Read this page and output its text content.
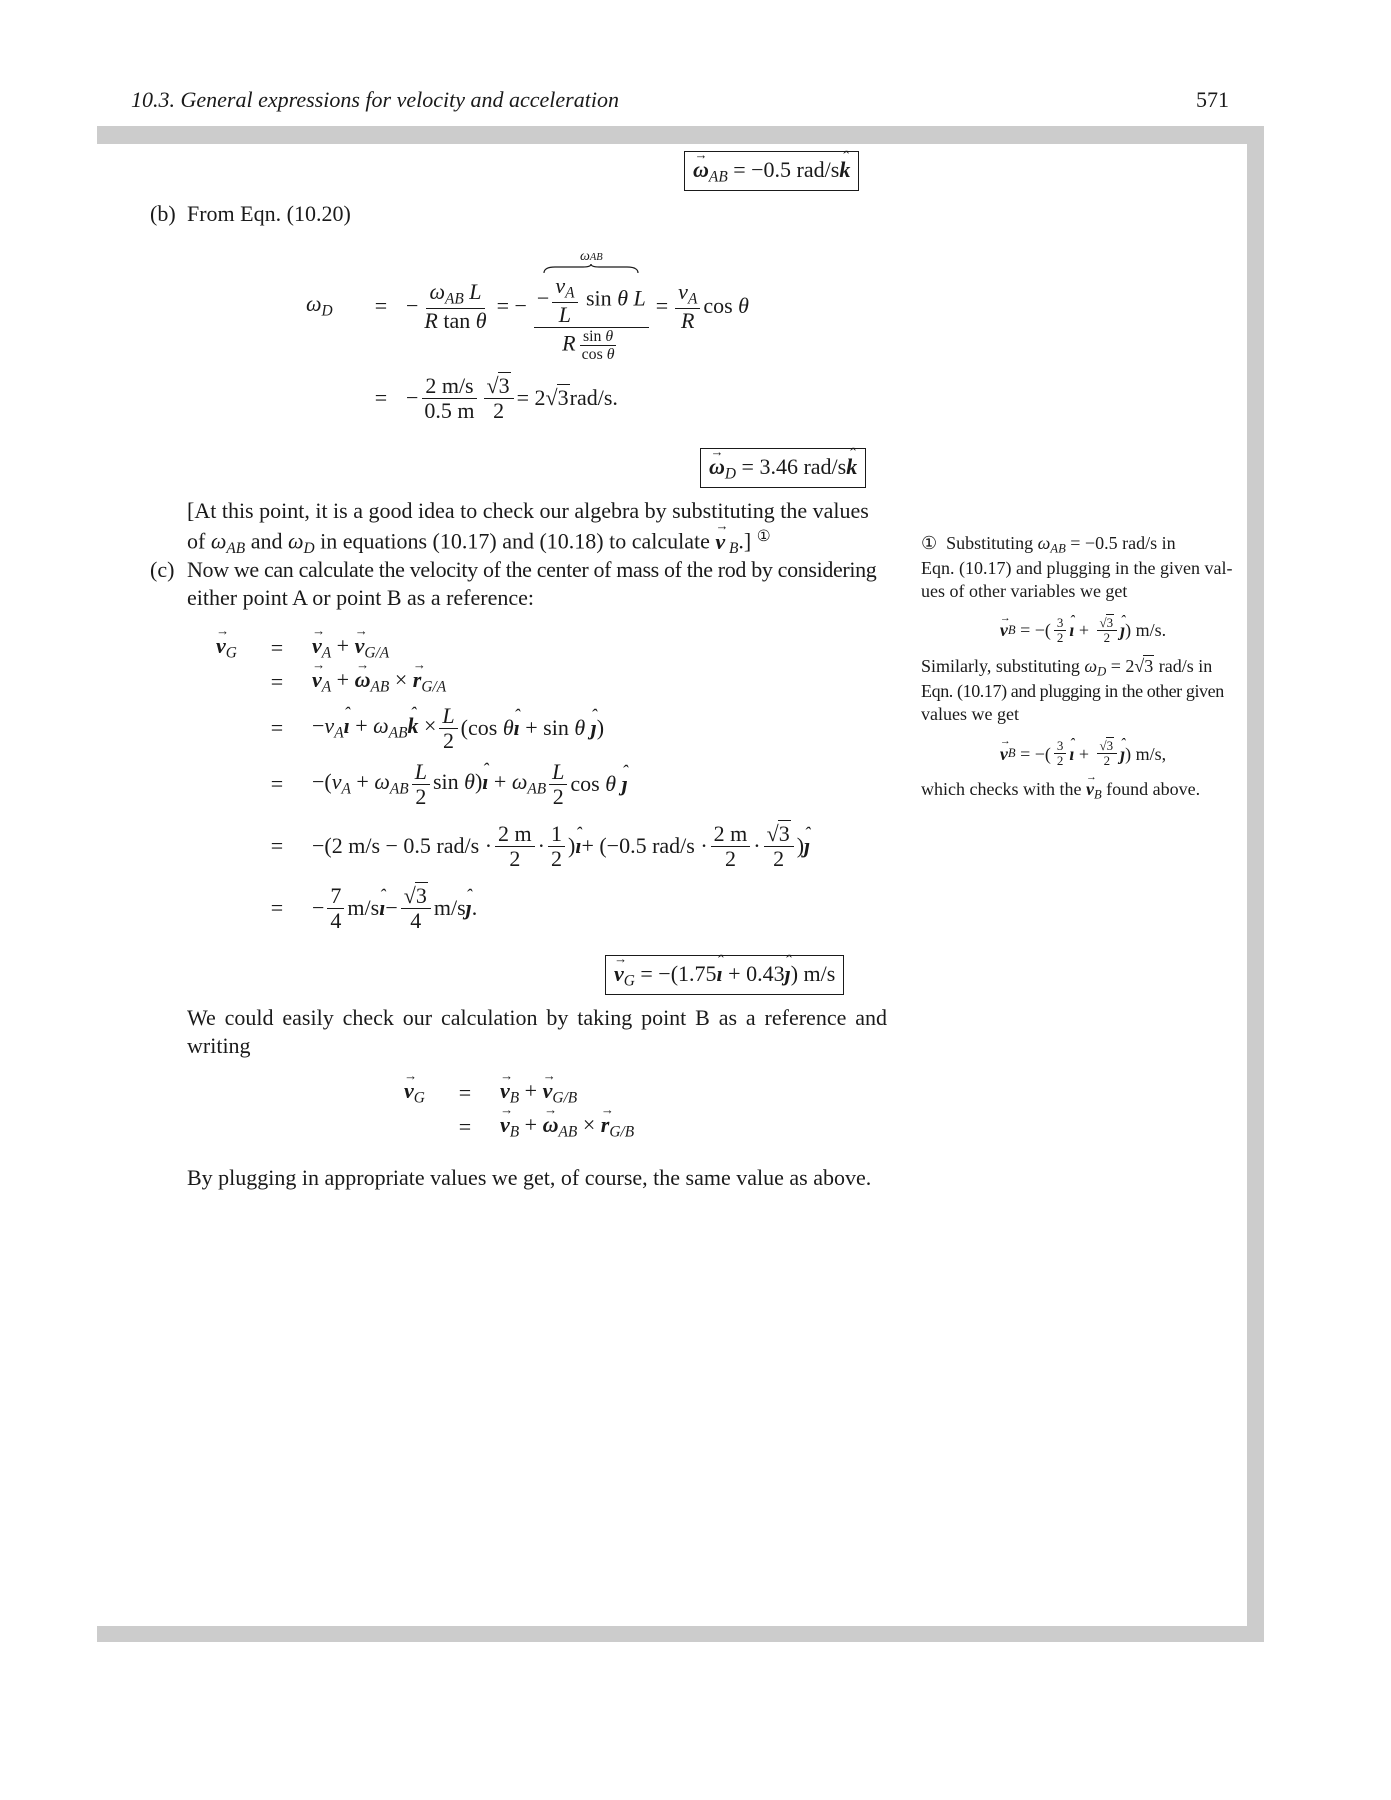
10.3. General expressions for velocity and acceleration	571
→ $\omega_{AB} = -0.5$ rad/sˆ k
(b) From Eqn. (10.20)
$\omega_D$	= − $\frac{\omega_{AB} L}{\text{R tan θ}}$ = − ωAB
− $\frac{v_A}{L}$ sin θ L
R $\frac{\text{sin θ}}{\text{cos θ}} = \frac{v_A}{R}$ cos θ
= − $\frac{2 m/s}{0.5 m} \frac{√3}{2} = 2$ √3 rad/s.
→ $\omega_D = 3.46$ rad/sˆ k
[At this point, it is a good idea to check our algebra by substituting the values
of $\omega_{AB}$ and $\omega_D$ in equations (10.17) and (10.18) to calculate → v $_B$.] ①
(c) Now we can calculate the velocity of the center of mass of the rod by considering
either point A or point B as a reference:
→ $v_G$	=	→ $v_A$ + → $v_{G/A}$
=	→ $v_A$ + → $\omega_{AB}$ × → $r_{G/A}$
=	$-v_Aˆ$ ı + $\omega_{AB}ˆ$ $k \times \frac{L}{2} (\cos$ θˆ ı + sin θ ˆ ȷ)
=	$-(v_A + \omega_{AB} \frac{L}{2}$ sin θ)ˆ ı + $\omega_{AB} \frac{L}{2}$ cos θ ˆ ȷ
=	−(2 m/s − 0.5 $rad/s \cdot \frac{2 m}{2} \cdot \frac{1}{2}$ ) ˆ ı + (−0.5 $rad/s \cdot \frac{2 m}{2} \cdot \frac{√3}{2}$ ) ˆ ȷ
=	− $\frac{7}{4} m/s$ ˆ ı − $\frac{√3}{4} m/s$ ˆ ȷ .
→ $v_G$ = −(1.75ˆ ı + 0.43ˆ ȷ) m/s
We could easily check our calculation by taking point B as a reference and
writing
→ $v_G$	=	→ $v_B$ + → $v_{G/B}$
=	→ $v_B$ + → $\omega_{AB}$ × → $r_{G/B}$
By plugging in appropriate values we get, of course, the same value as above.
① Substituting $\omega_{AB} = -0.5$ rad/s in
Eqn. (10.17) and plugging in the given val-
ues of other variables we get
→ v B = −( $\frac{3}{2}$ ˆ ı + $\frac{√3}{2}$ ˆ ȷ ) m/s.
Similarly, substituting $\omega_D = 2√3$ rad/s in
Eqn. (10.17) and plugging in the other given
values we get
→ v B = −( $\frac{3}{2}$ ˆ ı + $\frac{√3}{2}$ ˆ ȷ ) m/s,
which checks with the → $v_B$ found above.
